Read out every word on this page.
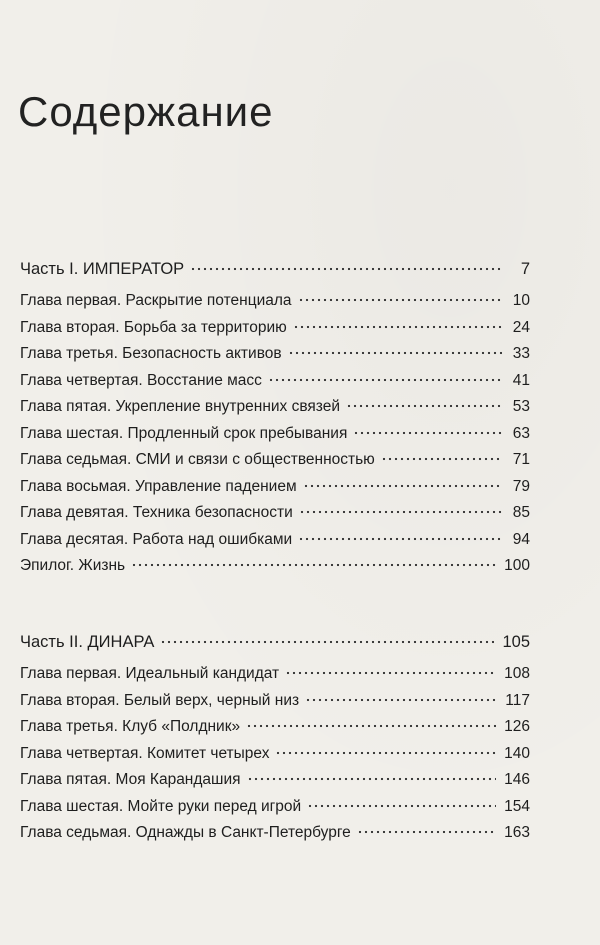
Содержание
Часть I. ИМПЕРАТОР	7
Глава первая. Раскрытие потенциала	10
Глава вторая. Борьба за территорию	24
Глава третья. Безопасность активов	33
Глава четвертая. Восстание масс	41
Глава пятая. Укрепление внутренних связей	53
Глава шестая. Продленный срок пребывания	63
Глава седьмая. СМИ и связи с общественностью	71
Глава восьмая. Управление падением	79
Глава девятая. Техника безопасности	85
Глава десятая. Работа над ошибками	94
Эпилог. Жизнь	100
Часть II. ДИНАРА	105
Глава первая. Идеальный кандидат	108
Глава вторая. Белый верх, черный низ	117
Глава третья. Клуб «Полдник»	126
Глава четвертая. Комитет четырех	140
Глава пятая. Моя Карандашия	146
Глава шестая. Мойте руки перед игрой	154
Глава седьмая. Однажды в Санкт-Петербурге	163
